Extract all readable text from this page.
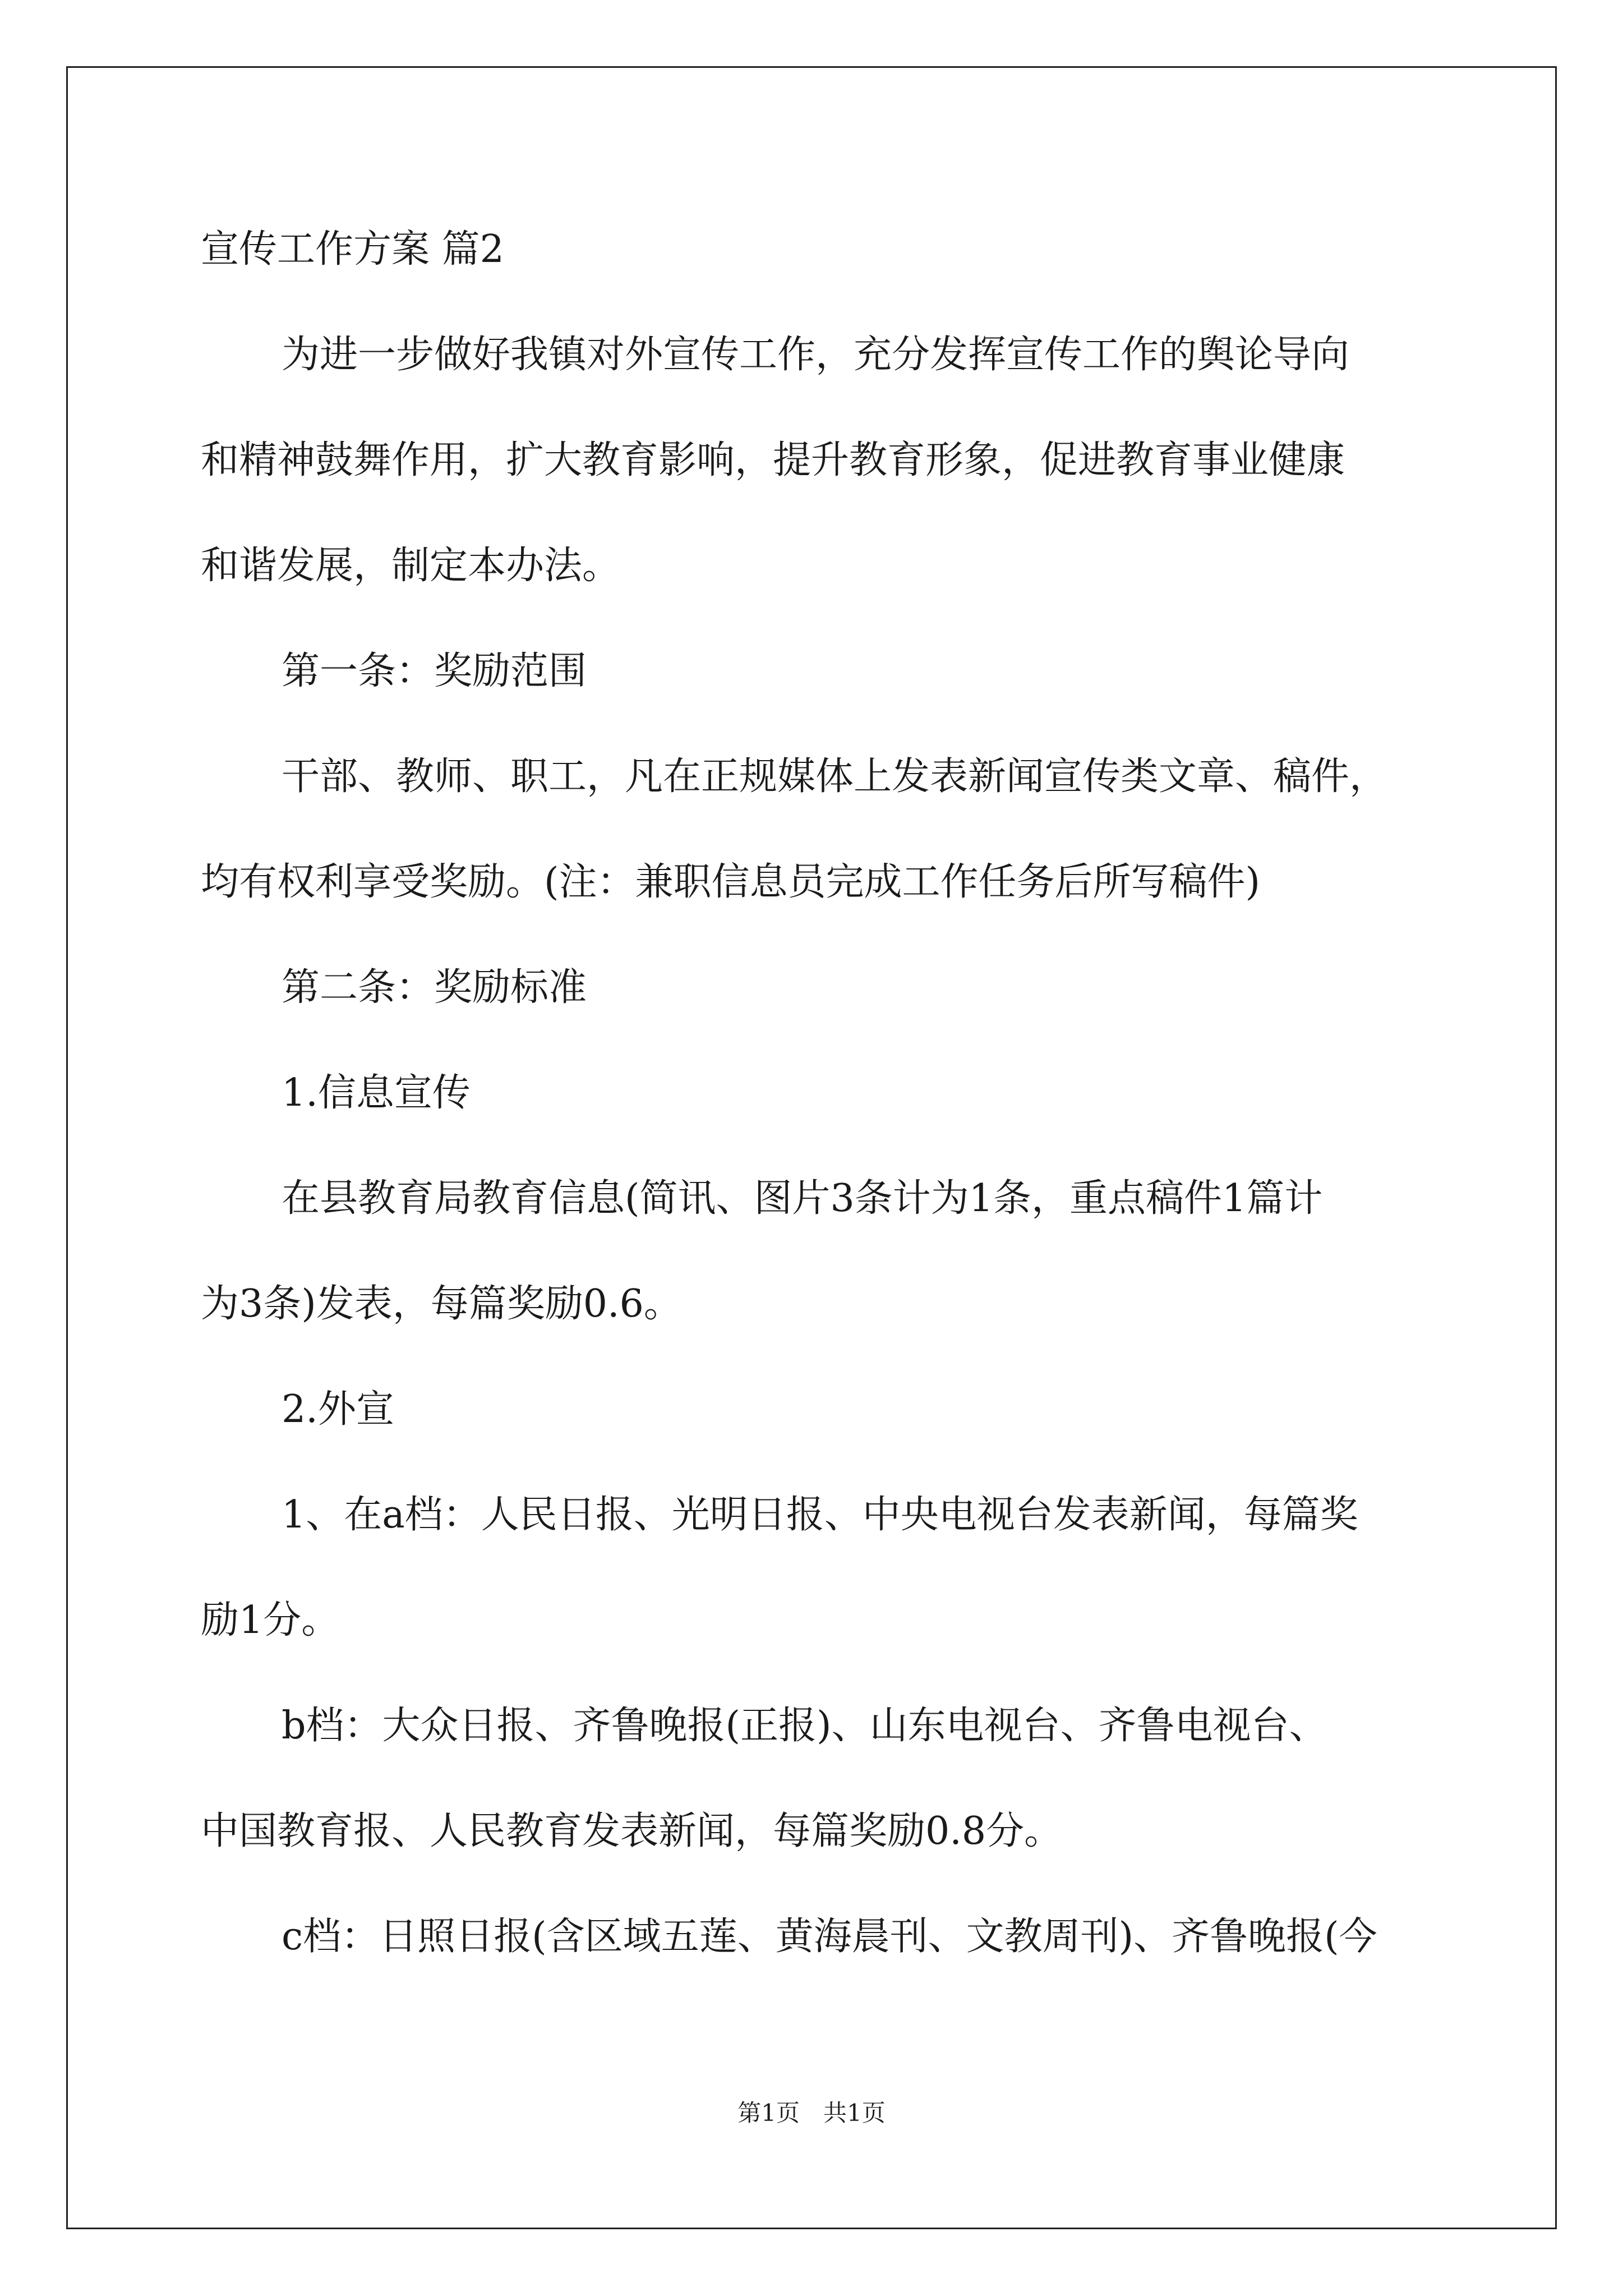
宣传工作方案 篇2
为进一步做好我镇对外宣传工作，充分发挥宣传工作的舆论导向
和精神鼓舞作用，扩大教育影响，提升教育形象，促进教育事业健康
和谐发展，制定本办法。
第一条：奖励范围
干部、教师、职工，凡在正规媒体上发表新闻宣传类文章、稿件，
均有权利享受奖励。(注：兼职信息员完成工作任务后所写稿件)
第二条：奖励标准
1.信息宣传
在县教育局教育信息(简讯、图片3条计为1条，重点稿件1篇计
为3条)发表，每篇奖励0.6。
2.外宣
1、在a档：人民日报、光明日报、中央电视台发表新闻，每篇奖
励1分。
b档：大众日报、齐鲁晚报(正报)、山东电视台、齐鲁电视台、
中国教育报、人民教育发表新闻，每篇奖励0.8分。
c档：日照日报(含区域五莲、黄海晨刊、文教周刊)、齐鲁晚报(今
第1页　共1页
